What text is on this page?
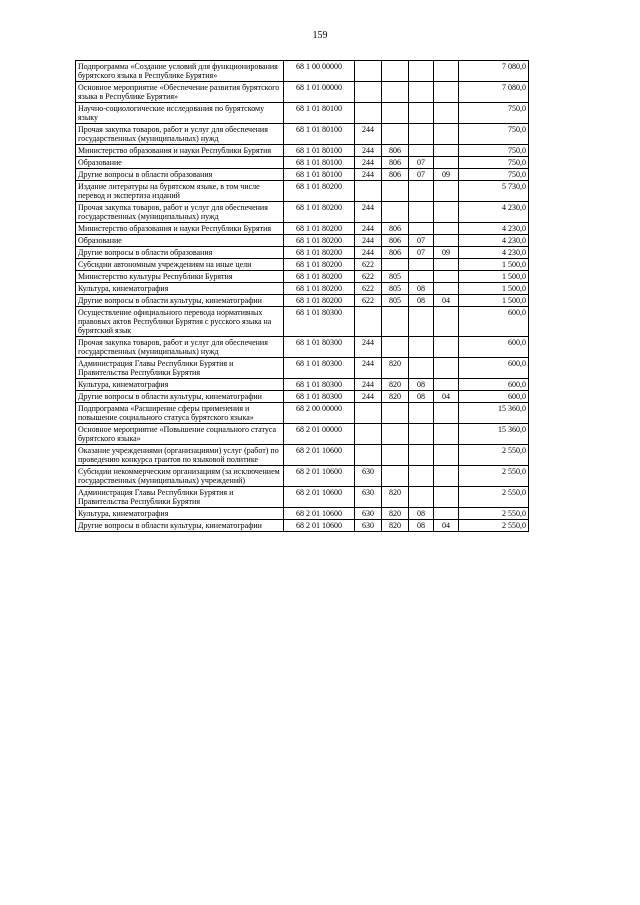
159
Подпрограмма «Создание условий для функционирования бурятского языка в Республике Бурятия»	68 1 00 00000					7 080,0
Основное мероприятие «Обеспечение развития бурятского языка в Республике Бурятия»	68 1 01 00000					7 080,0
Научно-социологические исследования по бурятскому языку	68 1 01 80100					750,0
Прочая закупка товаров, работ и услуг для обеспечения государственных (муниципальных) нужд	68 1 01 80100	244				750,0
Министерство образования и науки Республики Бурятия	68 1 01 80100	244	806			750,0
Образование	68 1 01 80100	244	806	07		750,0
Другие вопросы в области образования	68 1 01 80100	244	806	07	09	750,0
Издание литературы на бурятском языке, в том числе перевод и экспертиза изданий	68 1 01 80200					5 730,0
Прочая закупка товаров, работ и услуг для обеспечения государственных (муниципальных) нужд	68 1 01 80200	244				4 230,0
Министерство образования и науки Республики Бурятия	68 1 01 80200	244	806			4 230,0
Образование	68 1 01 80200	244	806	07		4 230,0
Другие вопросы в области образования	68 1 01 80200	244	806	07	09	4 230,0
Субсидии автономным учреждениям на иные цели	68 1 01 80200	622				1 500,0
Министерство культуры Республики Бурятия	68 1 01 80200	622	805			1 500,0
Культура, кинематография	68 1 01 80200	622	805	08		1 500,0
Другие вопросы в области культуры, кинематографии	68 1 01 80200	622	805	08	04	1 500,0
Осуществление официального перевода нормативных правовых актов Республики Бурятия с русского языка на бурятский язык	68 1 01 80300					600,0
Прочая закупка товаров, работ и услуг для обеспечения государственных (муниципальных) нужд	68 1 01 80300	244				600,0
Администрация Главы Республики Бурятия и Правительства Республики Бурятия	68 1 01 80300	244	820			600,0
Культура, кинематография	68 1 01 80300	244	820	08		600,0
Другие вопросы в области культуры, кинематографии	68 1 01 80300	244	820	08	04	600,0
Подпрограмма «Расширение сферы применения и повышение социального статуса бурятского языка»	68 2 00 00000					15 360,0
Основное мероприятие «Повышение социального статуса бурятского языка»	68 2 01 00000					15 360,0
Оказание учреждениями (организациями) услуг (работ) по проведению конкурса грантов по языковой политике	68 2 01 10600					2 550,0
Субсидии некоммерческим организациям (за исключением государственных (муниципальных) учреждений)	68 2 01 10600	630				2 550,0
Администрация Главы Республики Бурятия и Правительства Республики Бурятия	68 2 01 10600	630	820			2 550,0
Культура, кинематография	68 2 01 10600	630	820	08		2 550,0
Другие вопросы в области культуры, кинематографии	68 2 01 10600	630	820	08	04	2 550,0
